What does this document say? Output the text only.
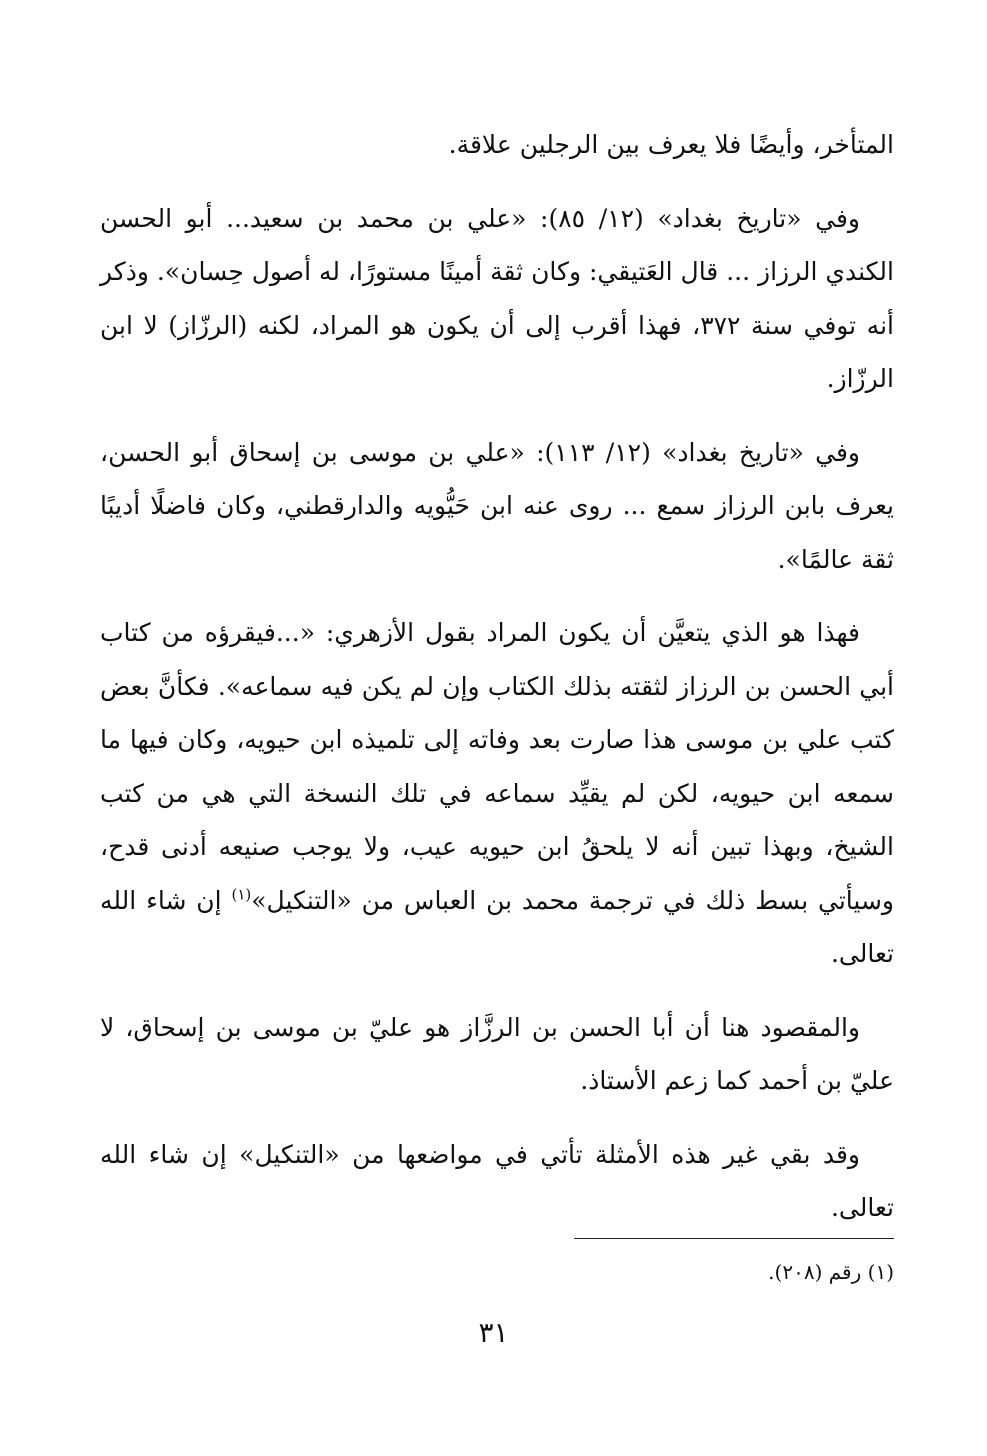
المتأخر، وأيضًا فلا يعرف بين الرجلين علاقة.

وفي «تاريخ بغداد» (١٢/ ٨٥): «علي بن محمد بن سعيد... أبو الحسن الكندي الرزاز ... قال العَتيقي: وكان ثقة أمينًا مستورًا، له أصول حِسان». وذكر أنه توفي سنة ٣٧٢، فهذا أقرب إلى أن يكون هو المراد، لكنه (الرزّاز) لا ابن الرزّاز.

وفي «تاريخ بغداد» (١٢/ ١١٣): «علي بن موسى بن إسحاق أبو الحسن، يعرف بابن الرزاز سمع ... روى عنه ابن حَيُّويه والدارقطني، وكان فاضلًا أديبًا ثقة عالمًا».

فهذا هو الذي يتعيَّن أن يكون المراد بقول الأزهري: «...فيقرؤه من كتاب أبي الحسن بن الرزاز لثقته بذلك الكتاب وإن لم يكن فيه سماعه». فكأنَّ بعض كتب علي بن موسى هذا صارت بعد وفاته إلى تلميذه ابن حيويه، وكان فيها ما سمعه ابن حيويه، لكن لم يقيِّد سماعه في تلك النسخة التي هي من كتب الشيخ، وبهذا تبين أنه لا يلحقُ ابن حيويه عيب، ولا يوجب صنيعه أدنى قدح، وسيأتي بسط ذلك في ترجمة محمد بن العباس من «التنكيل»$^{(١)}$ إن شاء الله تعالى.

والمقصود هنا أن أبا الحسن بن الرزَّاز هو عليّ بن موسى بن إسحاق، لا عليّ بن أحمد كما زعم الأستاذ.

وقد بقي غير هذه الأمثلة تأتي في مواضعها من «التنكيل» إن شاء الله تعالى.

(١) رقم (٢٠٨).
٣١
